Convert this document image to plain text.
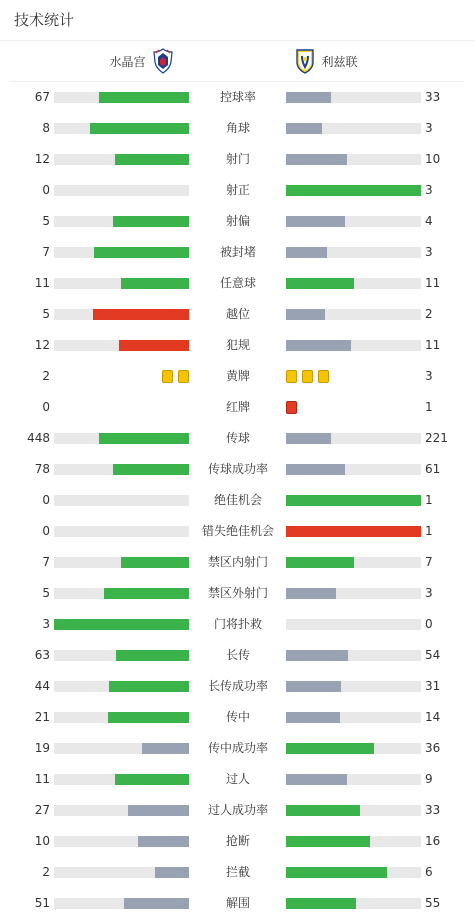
技术统计
水晶宫	利兹联
67	控球率	33
8	角球	3
12	射门	10
0	射正	3
5	射偏	4
7	被封堵	3
11	任意球	11
5	越位	2
12	犯规	11
2	黄牌	3
0	红牌	1
448	传球	221
78	传球成功率	61
0	绝佳机会	1
0	错失绝佳机会	1
7	禁区内射门	7
5	禁区外射门	3
3	门将扑救	0
63	长传	54
44	长传成功率	31
21	传中	14
19	传中成功率	36
11	过人	9
27	过人成功率	33
10	抢断	16
2	拦截	6
51	解围	55
